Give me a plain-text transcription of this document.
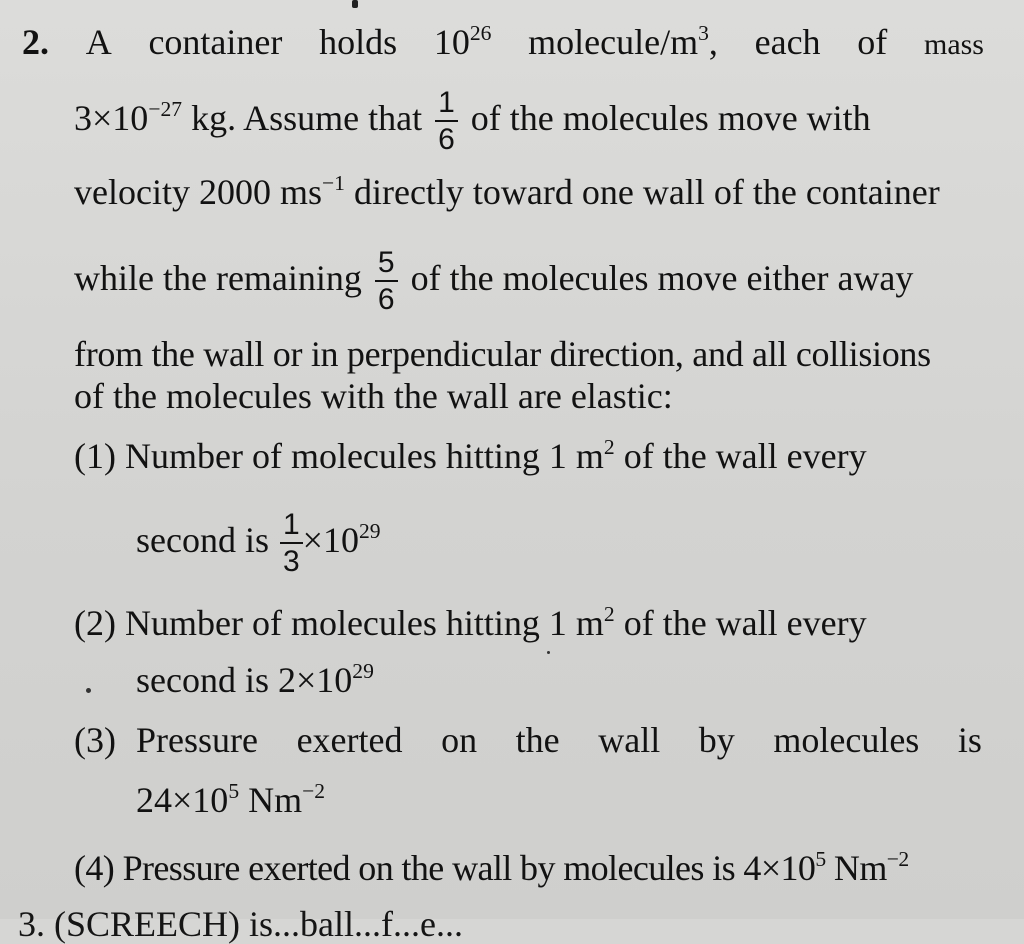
2. A container holds $10^{26}$ molecule/$m^3$, each of mass
$3\times 10^{-27}$ kg. Assume that $\frac{1}{6}$ of the molecules move with
velocity 2000 $ms^{-1}$ directly toward one wall of the container
while the remaining $\frac{5}{6}$ of the molecules move either away
from the wall or in perpendicular direction, and all collisions
of the molecules with the wall are elastic:
(1) Number of molecules hitting 1 $m^2$ of the wall every
second is $\frac{1}{3} \times 10^{29}$
(2) Number of molecules hitting 1 $m^2$ of the wall every
second is $2\times 10^{29}$
(3) Pressure exerted on the wall by molecules is
$24\times 10^5$ $Nm^{-2}$
(4) Pressure exerted on the wall by molecules is $4\times 10^5$ $Nm^{-2}$
3. (SCREECH) is...ball...f...e...
